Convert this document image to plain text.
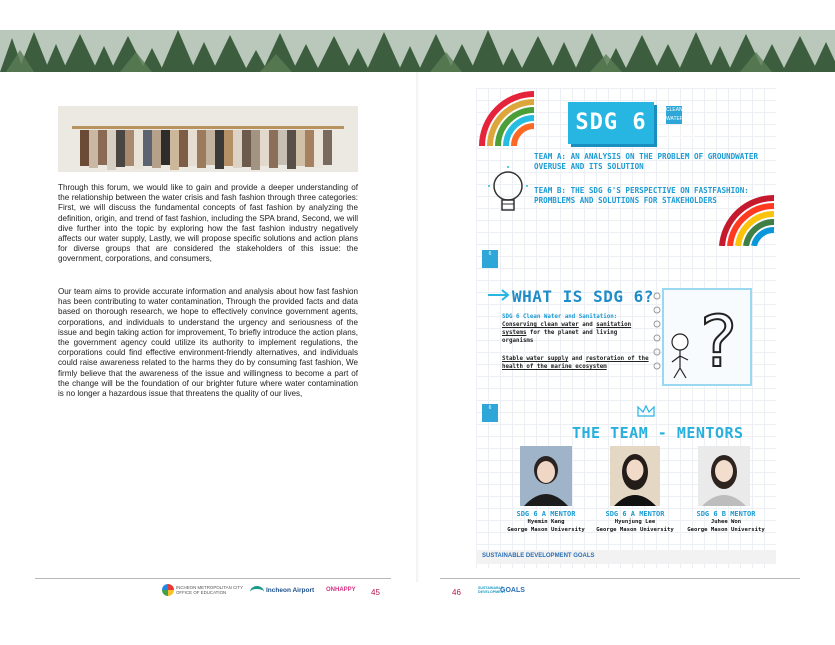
Through this forum, we would like to gain and provide a deeper understanding of the relationship between the water crisis and fash fashion through three categories: First, we will discuss the fundamental concepts of fast fashion by analyzing the definition, origin, and trend of fast fashion, including the SPA brand, Second, we will dive further into the topic by exploring how the fast fashion industry negatively affects our water supply, Lastly, we will propose specific solutions and action plans for diverse groups that are considered the stakeholders of this issue: the government, corporations, and consumers,

Our team aims to provide accurate information and analysis about how fast fashion has been contributing to water contamination, Through the provided facts and data based on thorough research, we hope to effectively convince government agents, corporations, and individuals to understand the urgency and seriousness of the issue and begin taking action for improvement, To briefly introduce the action plans, the government agency could utilize its authority to implement regulations, the corporations could find effective environment-friendly alternatives, and individuals could raise awareness related to the harms they do by consuming fast fashion, We firmly believe that the awareness of the issue and willingness to become a part of the change will be the foundation of our brighter future where water contamination is no longer a hazardous issue that threatens the quality of our lives,

INCHEON METROPOLITAN CITY OFFICE OF EDUCATION	Incheon Airport ONHAPPY 45	46	SUSTAINABLE DEVELOPMENTGOALS
SDG 6	CLEAN WATER AND SANITATION
TEAM A: AN ANALYSIS ON THE PROBLEM OF GROUNDWATER OVERUSE AND ITS SOLUTION
TEAM B: THE SDG 6'S PERSPECTIVE ON FASTFASHION: PROMBLEMS AND SOLUTIONS FOR STAKEHOLDERS
6
WHAT IS SDG 6?
SDG 6 Clean Water and Sanitation:
Conserving clean water and sanitation systems for the planet and living organisms
Stable water supply and restoration of the health of the marine ecosystem	?
6
THE TEAM - MENTORS
SDG 6 A MENTOR
Hyemin Kang
George Mason University
SDG 6 A MENTOR
Hyunjung Lee
George Mason University
SDG 6 B MENTOR
Juhee Won
George Mason University
SUSTAINABLE DEVELOPMENT GOALS
